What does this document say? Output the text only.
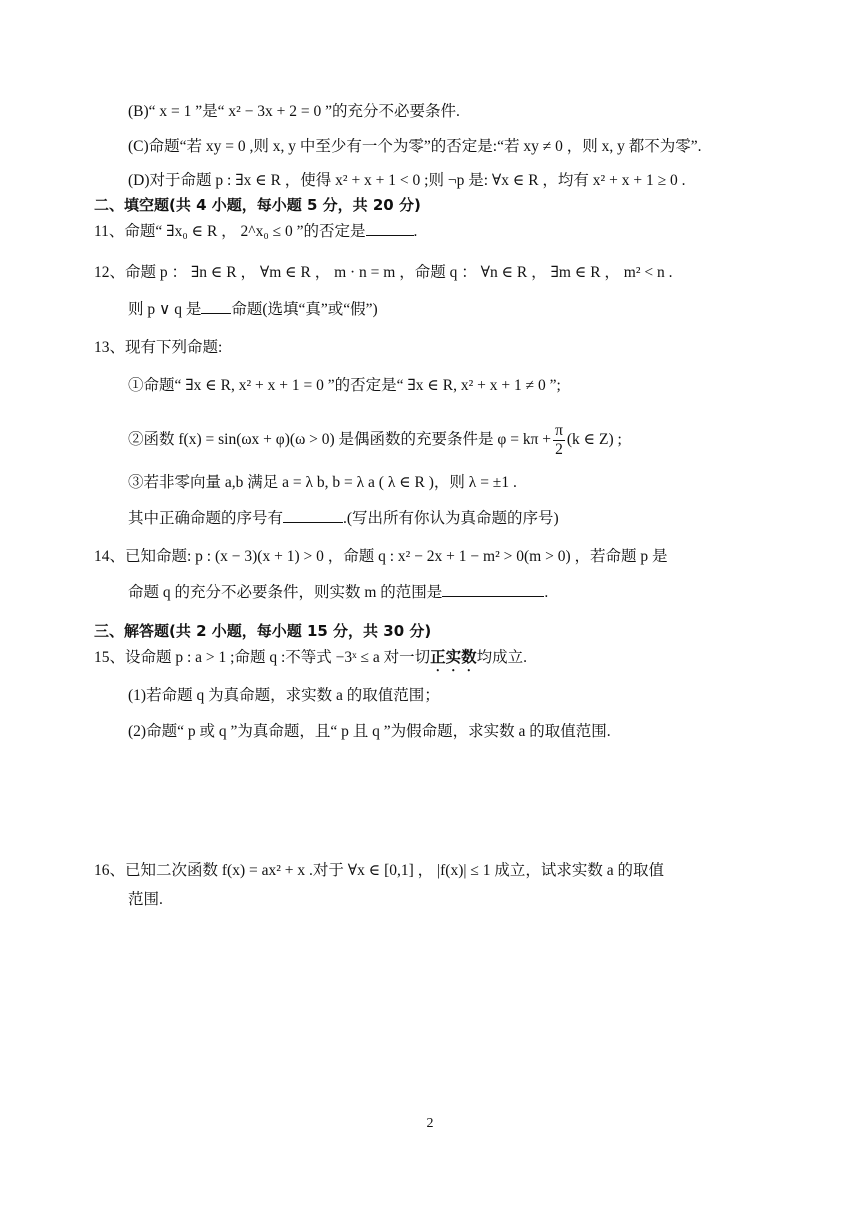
(B)“ x = 1 ”是“ x² − 3x + 2 = 0 ”的充分不必要条件.
(C)命题“若 xy = 0 ,则 x, y 中至少有一个为零”的否定是:“若 xy ≠ 0 ，则 x, y 都不为零”.
(D)对于命题 p : ∃x ∈ R ，使得 x² + x + 1 < 0 ;则 ¬p 是: ∀x ∈ R ，均有 x² + x + 1 ≥ 0 .
二、填空题(共 4 小题，每小题 5 分，共 20 分)
11、命题“ ∃x₀ ∈ R ， 2^x₀ ≤ 0 ”的否定是	.
12、命题 p ： ∃n ∈ R ， ∀m ∈ R ， m · n = m ，命题 q ： ∀n ∈ R ， ∃m ∈ R ， m² < n .
则 p ∨ q 是 命题(选填“真”或“假”)
13、现有下列命题:
①命题“ ∃x ∈ R, x² + x + 1 = 0 ”的否定是“ ∃x ∈ R, x² + x + 1 ≠ 0 ”;
②函数 f(x) = sin(ωx + φ)(ω > 0) 是偶函数的充要条件是 $\varphi = k\pi + \frac{\pi}{2} (k$ ∈ Z) ;
③若非零向量 a,b 满足 a = λ b, b = λ a ( λ ∈ R )，则 λ = ±1 .
其中正确命题的序号有	.(写出所有你认为真命题的序号)
14、已知命题: p : (x − 3)(x + 1) > 0 ，命题 q : x² − 2x + 1 − m² > 0(m > 0) ，若命题 p 是
命题 q 的充分不必要条件，则实数 m 的范围是	.
三、解答题(共 2 小题，每小题 15 分，共 30 分)
15、设命题 p : a > 1 ;命题 q :不等式 −3ˣ ≤ a 对一切正实数均成立.
(1)若命题 q 为真命题，求实数 a 的取值范围；
(2)命题“ p 或 q ”为真命题，且“ p 且 q ”为假命题，求实数 a 的取值范围.
16、已知二次函数 f(x) = ax² + x .对于 ∀x ∈ [0,1] ， |f(x)| ≤ 1 成立，试求实数 a 的取值
范围.
2
